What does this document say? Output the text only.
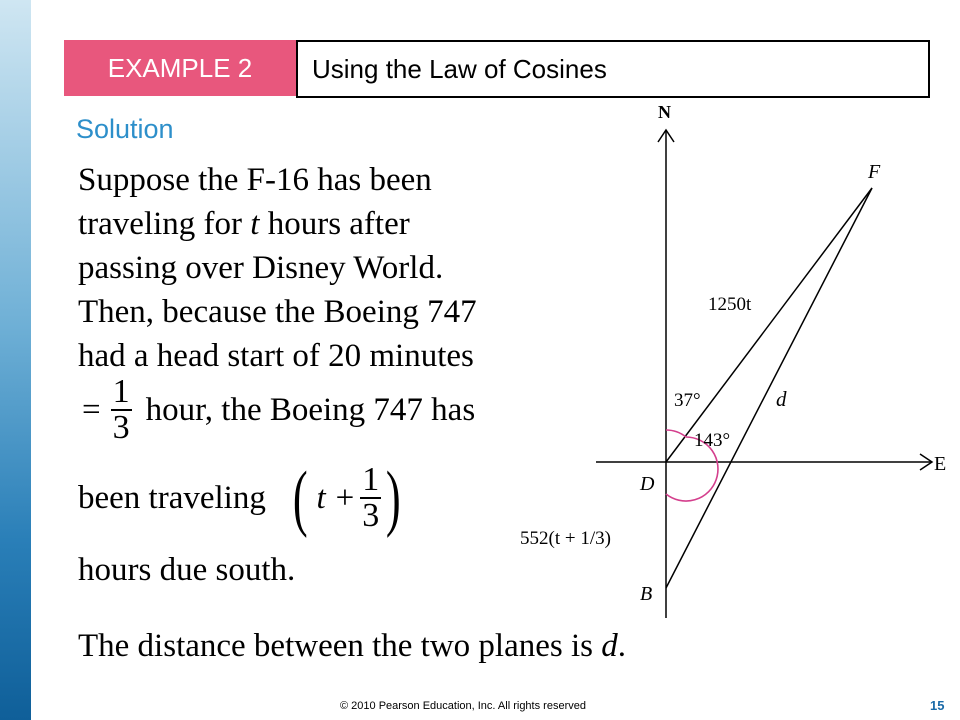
EXAMPLE 2	Using the Law of Cosines
Solution
Suppose the F-16 has been
traveling for t hours after
passing over Disney World.
Then, because the Boeing 747
had a head start of 20 minutes
= $\frac{1}{3}$ hour, the Boeing 747 has
been traveling ( $t + \frac{1}{3}$ )
hours due south.
N
E
F
D
B
1250t
d
37°
143°
552(t + 1/3)
The distance between the two planes is d.
© 2010 Pearson Education, Inc. All rights reserved	15
